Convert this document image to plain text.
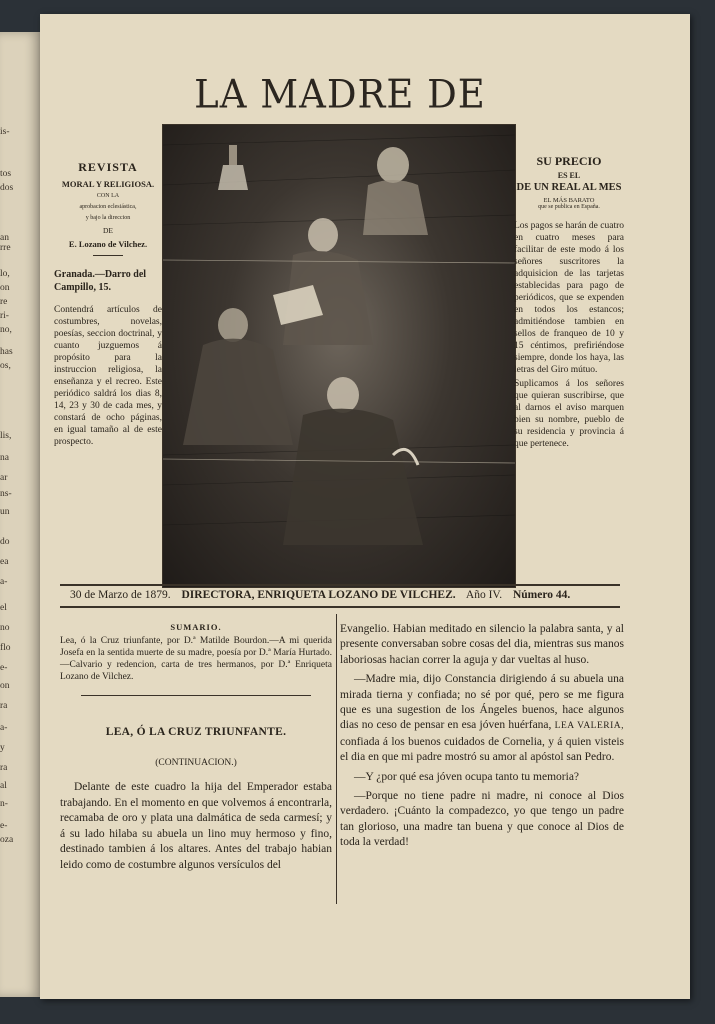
is-
tos
dos
an
rre
lo,
on
re
ri-
no,
has
os,
lis,
na
ar
ns-
un
do
ea
a-
el
no
flo
e-
on
ra
a-
y
ra
al
n-
e-
oza
LA MADRE DE
REVISTA
MORAL Y RELIGIOSA.
CON LA
aprobacion eclesiástica,
y bajo la direccion
DE
E. Lozano de Vilchez.
Granada.—Darro del Campillo, 15.
Contendrá artículos de costumbres, novelas, poesías, seccion doctrinal, y cuanto juzguemos á propósito para la instruccion religiosa, la enseñanza y el recreo. Este periódico saldrá los dias 8, 14, 23 y 30 de cada mes, y constará de ocho páginas, en igual tamaño al de este prospecto.
SU PRECIO
ES EL
DE UN REAL AL MES
EL MÁS BARATO
que se publica en España.
Los pagos se harán de cuatro en cuatro meses para facilitar de este modo á los señores suscritores la adquisicion de las tarjetas establecidas para pago de periódicos, que se expenden en todos los estancos; admitiéndose tambien en sellos de franqueo de 10 y 15 céntimos, prefiriéndose siempre, donde los haya, las letras del Giro mútuo.
Suplicamos á los señores que quieran suscribirse, que al darnos el aviso marquen bien su nombre, pueblo de su residencia y provincia á que pertenece.
30 de Marzo de 1879. DIRECTORA, ENRIQUETA LOZANO DE VILCHEZ. Año IV. Número 44.
SUMARIO.
Lea, ó la Cruz triunfante, por D.ª Matilde Bourdon.—A mi querida Josefa en la sentida muerte de su madre, poesía por D.ª María Hurtado.—Calvario y redencion, carta de tres hermanos, por D.ª Enriqueta Lozano de Vilchez.
LEA, Ó LA CRUZ TRIUNFANTE.
(CONTINUACION.)
Delante de este cuadro la hija del Emperador estaba trabajando. En el momento en que volvemos á encontrarla, recamaba de oro y plata una dalmática de seda carmesí; y á su lado hilaba su abuela un lino muy hermoso y fino, destinado tambien á los altares. Antes del trabajo habian leido como de costumbre algunos versículos del

Evangelio. Habian meditado en silencio la palabra santa, y al presente conversaban sobre cosas del dia, mientras sus manos laboriosas hacian correr la aguja y dar vueltas al huso.

—Madre mia, dijo Constancia dirigiendo á su abuela una mirada tierna y confiada; no sé por qué, pero se me figura que es una sugestion de los Ángeles buenos, hace algunos dias no ceso de pensar en esa jóven huérfana, LEA VALERIA, confiada á los buenos cuidados de Cornelia, y á quien visteis el dia en que mi padre mostró su amor al apóstol san Pedro.

—Y ¿por qué esa jóven ocupa tanto tu memoria?

—Porque no tiene padre ni madre, ni conoce al Dios verdadero. ¡Cuánto la compadezco, yo que tengo un padre tan glorioso, una madre tan buena y que conoce al Dios de toda la verdad!
